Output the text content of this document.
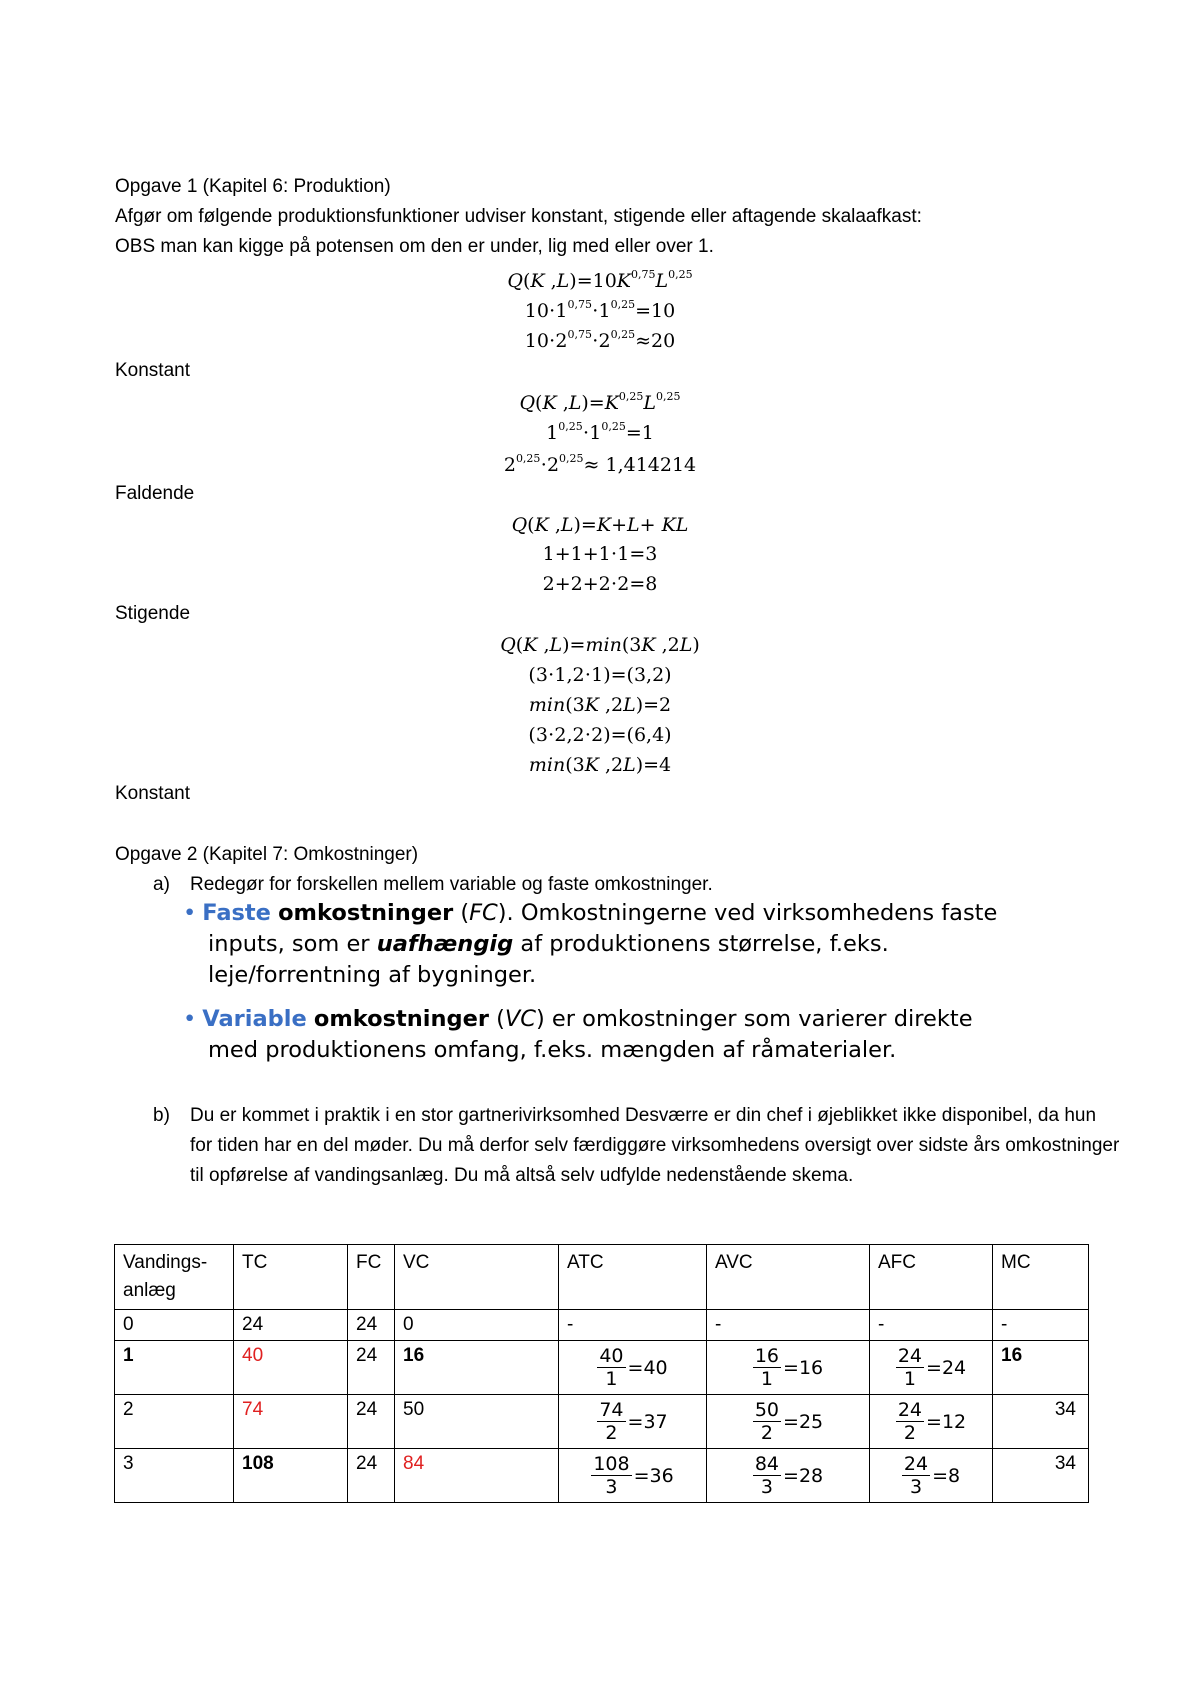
Opgave 1 (Kapitel 6: Produktion)
Afgør om følgende produktionsfunktioner udviser konstant, stigende eller aftagende skalaafkast:
OBS man kan kigge på potensen om den er under, lig med eller over 1.
Q(K $,L)=10K^{0,75}L^{0,25}$
$10\cdot 1^{0,75}\cdot 1^{0,25}=10$
$10\cdot 2^{0,75}\cdot 2^{0,25}\approx 20$
Konstant
Q(K $,L)=K^{0,25}L^{0,25}$
$1^{0,25}\cdot 1^{0,25}=1$
$2^{0,25}\cdot 2^{0,25}\approx 1,414214$
Faldende
Q(K ,L)=K+L+ KL
1+1+1⋅1=3
2+2+2⋅2=8
Stigende
Q(K ,L)=min(3K ,2L)
(3⋅1,2⋅1)=(3,2)
min(3K ,2L)=2
(3⋅2,2⋅2)=(6,4)
min(3K ,2L)=4
Konstant
Opgave 2 (Kapitel 7: Omkostninger)
a) Redegør for forskellen mellem variable og faste omkostninger.
• Faste omkostninger (FC). Omkostningerne ved virksomhedens faste
inputs, som er uafhængig af produktionens størrelse, f.eks.
leje/forrentning af bygninger.
• Variable omkostninger (VC) er omkostninger som varierer direkte
med produktionens omfang, f.eks. mængden af råmaterialer.
b) Du er kommet i praktik i en stor gartnerivirksomhed Desværre er din chef i øjeblikket ikke disponibel, da hun for tiden har en del møder. Du må derfor selv færdiggøre virksomhedens oversigt over sidste års omkostninger til opførelse af vandingsanlæg. Du må altså selv udfylde nedenstående skema.
Vandings-
anlæg	TC	FC	VC	ATC	AVC	AFC	MC
0	24	24	0	-	-	-	-
1	40	24	16	$\frac{40}{1} =40$	$\frac{16}{1} =16$	$\frac{24}{1} =24$	16
2	74	24	50	$\frac{74}{2} =37$	$\frac{50}{2} =25$	$\frac{24}{2} =12$	34
3	108	24	84	$\frac{108}{3} =36$	$\frac{84}{3} =28$	$\frac{24}{3} =8$	34
